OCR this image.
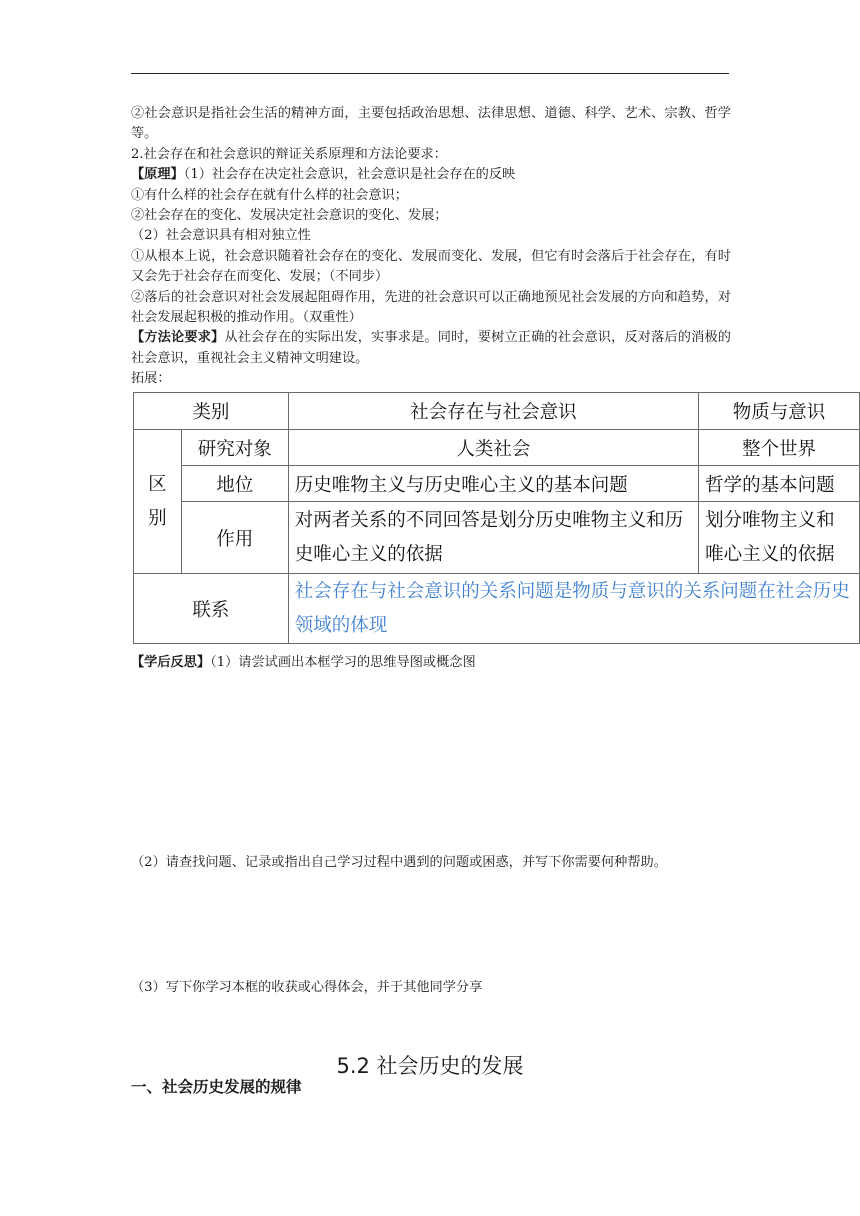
②社会意识是指社会生活的精神方面，主要包括政治思想、法律思想、道德、科学、艺术、宗教、哲学等。

2.社会存在和社会意识的辩证关系原理和方法论要求：

【原理】（1）社会存在决定社会意识，社会意识是社会存在的反映

①有什么样的社会存在就有什么样的社会意识；

②社会存在的变化、发展决定社会意识的变化、发展；

（2）社会意识具有相对独立性

①从根本上说，社会意识随着社会存在的变化、发展而变化、发展，但它有时会落后于社会存在，有时又会先于社会存在而变化、发展；（不同步）

②落后的社会意识对社会发展起阻碍作用，先进的社会意识可以正确地预见社会发展的方向和趋势，对社会发展起积极的推动作用。（双重性）

【方法论要求】从社会存在的实际出发，实事求是。同时，要树立正确的社会意识，反对落后的消极的社会意识，重视社会主义精神文明建设。

拓展：

类别		社会存在与社会意识	物质与意识
区别	研究对象	人类社会	整个世界
	地位	历史唯物主义与历史唯心主义的基本问题	哲学的基本问题
	作用	对两者关系的不同回答是划分历史唯物主义和历史唯心主义的依据	划分唯物主义和唯心主义的依据
联系		社会存在与社会意识的关系问题是物质与意识的关系问题在社会历史领域的体现	
【学后反思】（1）请尝试画出本框学习的思维导图或概念图
（2）请查找问题、记录或指出自己学习过程中遇到的问题或困惑，并写下你需要何种帮助。
（3）写下你学习本框的收获或心得体会，并于其他同学分享
5.2 社会历史的发展
一、社会历史发展的规律
